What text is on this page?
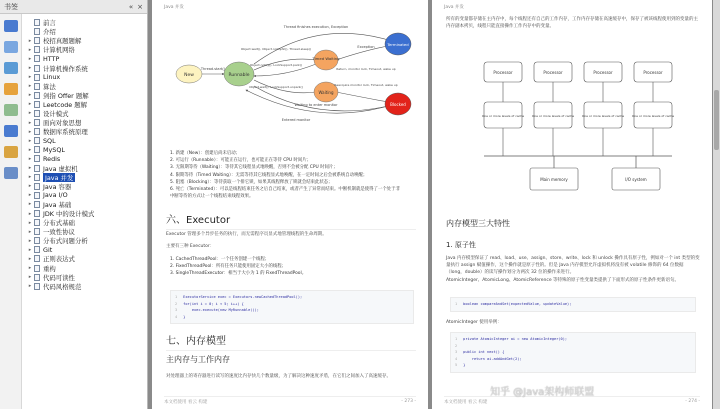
书签	« ×
前言
介绍
▸	校招真题题解
▸	计算机网络
▸	HTTP
▸	计算机操作系统
▸	Linux
▸	算法
▸	剑指 Offer 题解
▸	Leetcode 题解
▸	设计模式
▸	面向对象思想
▸	数据库系统原理
▸	SQL
▸	MySQL
▸	Redis
▸	Java 虚拟机
▸	Java 并发
▸	Java 容器
▸	Java I/O
▸	Java 基础
▸	JDK 中的设计模式
▸	分布式基础
▸	一致性协议
▸	分布式问题分析
▸	Git
▸	正则表达式
▸	重构
▸	代码可读性
▸	代码风格规范
Java 并发
New	Runnable
Timed Waiting
Waiting
Terminated
Blocked
Thread.start()
Thread finishes execution, Exception
Exception
Object.wait(), Object.notifyAll(), Thread.sleep()
Object.notify(), LockSupport.park()
Return, monitor lock, Timeout, wake up
Object.wait(), LockSupport.unpark()	Reacquire monitor lock, Timeout, wake up
Waiting to enter monitor
Entered monitor
1. 新建（New）：创建后尚未启动；
2. 可运行（Runnable）：可能正在运行，也可能正在等待 CPU 时间片；
3. 无限期等待（Waiting）：等待其它线程显式地唤醒，否则不会被分配 CPU 时间片；
4. 限期等待（Timed Waiting）：无需等待其它线程显式地唤醒，在一定时间之后会被系统自动唤醒；
5. 阻塞（Blocking）：等待获取一个排它锁，如果其线程释放了锁就会结束此状态；
6. 死亡（Terminated）：可以是线程结束任务之后自己结束，或者产生了异常而结束。中断机制就是使得了一个处于非
中断等待的方式让一个线程结束线程效果。
六、Executor
Executor 管理多个异步任务的执行，而无需程序员显式地管理线程的生命周期。
主要有三种 Executor：
1. CachedThreadPool：一个任务创建一个线程；
2. FixedThreadPool：所有任务只能使用固定大小的线程；
3. SingleThreadExecutor：相当于大小为 1 的 FixedThreadPool。
1 ExecutorService exec = Executors.newCachedThreadPool();
2 for(int i = 0; i < 5; i++) {
3    exec.execute(new MyRunnable());
4 }
七、内存模型
主内存与工作内存
对处理器上的寄存器进行读写的速度比内存快几个数量级，为了解决这种速度矛盾，在它们之间加入了高速缓存。
本文档使用 看云 构建	- 273 -
Java 并发
所有的变量都存储在主内存中，每个线程还有自己的工作内存，工作内存存储在高速缓存中，保存了被该线程使用到的变量的主内存副本拷贝，线程只能直接操作工作内存中的变量。
Processor
One or more levels of cache
Processor
One or more levels of cache
Processor
One or more levels of cache
Processor
One or more levels of cache
Main memory	I/O system
内存模型三大特性
1. 原子性
Java 内存模型保证了 read、load、use、assign、store、write、lock 和 unlock 操作具有原子性，例如对一个 int 类型的变量执行 assign 赋值操作，这个操作就是原子性的。但是 Java 内存模型允许虚拟机将没有被 volatile 修饰的 64 位数据（long，double）的读写操作划分为两次 32 位的操作来进行。
AtomicInteger、AtomicLong、AtomicReference 等特殊的原子性变量类提供了下面形式的原子性条件更新语句。
1 boolean compareAndSet(expectedValue, updateValue);
AtomicInteger 使用举例：
1 private AtomicInteger ai = new AtomicInteger(0);
2
3 public int next() {
4    return ai.addAndGet(2);
5 }
本文档使用 看云 构建	- 274 -
知乎 @Java架构师联盟
